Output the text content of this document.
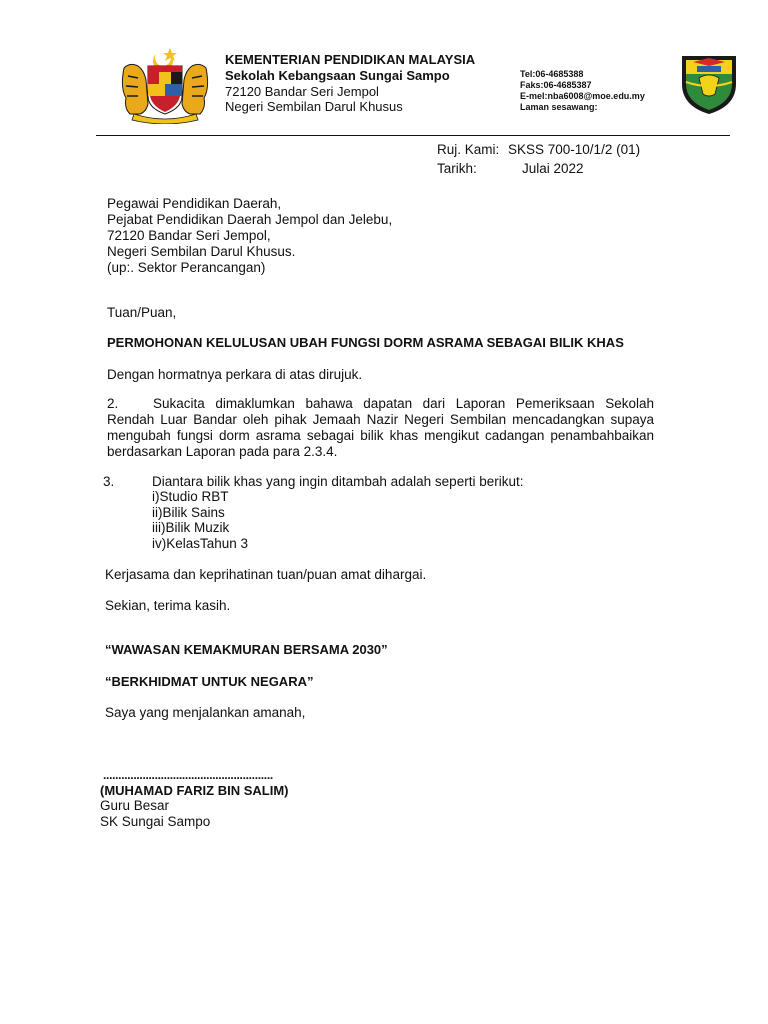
KEMENTERIAN PENDIDIKAN MALAYSIA
Sekolah Kebangsaan Sungai Sampo
72120 Bandar Seri Jempol
Negeri Sembilan Darul Khusus
Tel:06-4685388
Faks:06-4685387
E-mel:nba6008@moe.edu.my
Laman sesawang:
Ruj. Kami: SKSS 700-10/1/2 (01)
Tarikh:	Julai 2022
Pegawai Pendidikan Daerah,
Pejabat Pendidikan Daerah Jempol dan Jelebu,
72120 Bandar Seri Jempol,
Negeri Sembilan Darul Khusus.
(up:. Sektor Perancangan)
Tuan/Puan,
PERMOHONAN KELULUSAN UBAH FUNGSI DORM ASRAMA SEBAGAI BILIK KHAS
Dengan hormatnya perkara di atas dirujuk.
2.	Sukacita dimaklumkan bahawa dapatan dari Laporan Pemeriksaan Sekolah Rendah Luar Bandar oleh pihak Jemaah Nazir Negeri Sembilan mencadangkan supaya mengubah fungsi dorm asrama sebagai bilik khas mengikut cadangan penambahbaikan berdasarkan Laporan pada para 2.3.4.
3.	Diantara bilik khas yang ingin ditambah adalah seperti berikut:
i)Studio RBT
ii)Bilik Sains
iii)Bilik Muzik
iv)KelasTahun 3
Kerjasama dan keprihatinan tuan/puan amat dihargai.
Sekian, terima kasih.
“WAWASAN KEMAKMURAN BERSAMA 2030”
“BERKHIDMAT UNTUK NEGARA”
Saya yang menjalankan amanah,
........................................................
(MUHAMAD FARIZ BIN SALIM)
Guru Besar
SK Sungai Sampo
